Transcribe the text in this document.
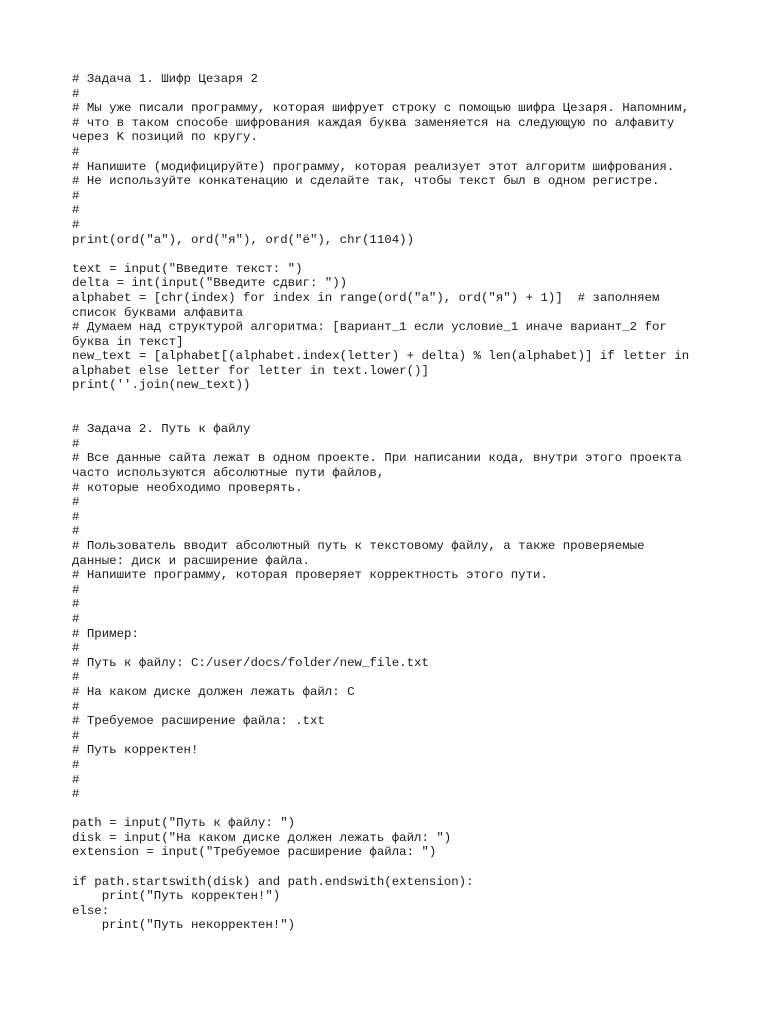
# Задача 1. Шифр Цезаря 2
#
# Мы уже писали программу, которая шифрует строку с помощью шифра Цезаря. Напомним,
# что в таком способе шифрования каждая буква заменяется на следующую по алфавиту
через K позиций по кругу.
#
# Напишите (модифицируйте) программу, которая реализует этот алгоритм шифрования.
# Не используйте конкатенацию и сделайте так, чтобы текст был в одном регистре.
#
#
#
print(ord("а"), ord("я"), ord("ё"), chr(1104))
text = input("Введите текст: ")
delta = int(input("Введите сдвиг: "))
alphabet = [chr(index) for index in range(ord("а"), ord("я") + 1)]  # заполняем
список буквами алфавита
# Думаем над структурой алгоритма: [вариант_1 если условие_1 иначе вариант_2 for
буква in текст]
new_text = [alphabet[(alphabet.index(letter) + delta) % len(alphabet)] if letter in
alphabet else letter for letter in text.lower()]
print(''.join(new_text))
# Задача 2. Путь к файлу
#
# Все данные сайта лежат в одном проекте. При написании кода, внутри этого проекта
часто используются абсолютные пути файлов,
# которые необходимо проверять.
#
#
#
# Пользователь вводит абсолютный путь к текстовому файлу, а также проверяемые
данные: диск и расширение файла.
# Напишите программу, которая проверяет корректность этого пути.
#
#
#
# Пример:
#
# Путь к файлу: C:/user/docs/folder/new_file.txt
#
# На каком диске должен лежать файл: C
#
# Требуемое расширение файла: .txt
#
# Путь корректен!
#
#
#
path = input("Путь к файлу: ")
disk = input("На каком диске должен лежать файл: ")
extension = input("Требуемое расширение файла: ")
if path.startswith(disk) and path.endswith(extension):
print("Путь корректен!")
else:
print("Путь некорректен!")
